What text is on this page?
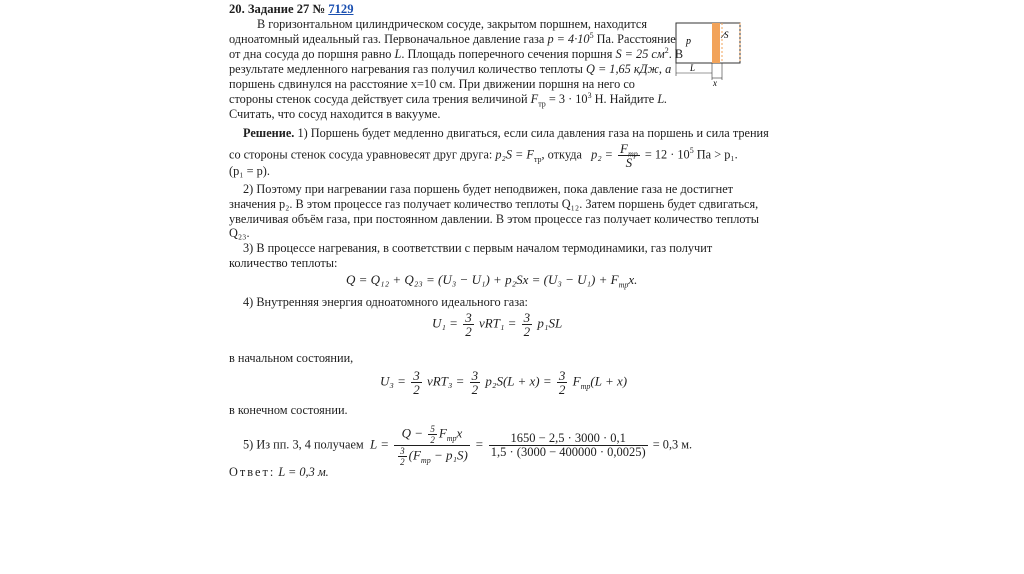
20. Задание 27 № 7129
В горизонтальном цилиндрическом сосуде, закрытом поршнем, находится
одноатомный идеальный газ. Первоначальное давление газа $p = 4\cdot 10^5$ Па. Расстояние
от дна сосуда до поршня равно L. Площадь поперечного сечения поршня S = 25 $см^2$. В
результате медленного нагревания газ получил количество теплоты Q = 1,65 кДж, а
поршень сдвинулся на расстояние x=10 см. При движении поршня на него со
стороны стенок сосуда действует сила трения величиной $F_{тр} = 3 \cdot 10^3$ Н. Найдите L.
Считать, что сосуд находится в вакууме.
p
S
L
x
Решение. 1) Поршень будет медленно двигаться, если сила давления газа на поршень и сила трения
со стороны стенок сосуда уравновесят друг друга: $p_2S = F_{тр}$, откуда $p_2 = \frac{F_{тр}}{S} = 12 \cdot 10^5$ Па > p₁.
(p₁ = p).
2) Поэтому при нагревании газа поршень будет неподвижен, пока давление газа не достигнет
значения p₂. В этом процессе газ получает количество теплоты Q₁₂. Затем поршень будет сдвигаться,
увеличивая объём газа, при постоянном давлении. В этом процессе газ получает количество теплоты
Q₂₃.
3) В процессе нагревания, в соответствии с первым началом термодинамики, газ получит
количество теплоты:
$Q = Q_{12} + Q_{23} = (U_3 - U_1) + p_2Sx = (U_3 - U_1) + F_{тр}x$.
4) Внутренняя энергия одноатомного идеального газа:
$U_1 = \frac{3}{2} \nu RT_1 = \frac{3}{2} p_1SL$
в начальном состоянии,
$U_3 = \frac{3}{2} \nu RT_3 = \frac{3}{2} p_2S(L + x) = \frac{3}{2} F_{тр}(L + x)$
в конечном состоянии.
5) Из пп. 3, 4 получаем $L = \frac{Q - \frac{5}{2} F_{тр}x}{\frac{3}{2} (F_{тр} - p_1S)} = \frac{1650 - 2,5 \cdot 3000 \cdot 0,1}{1,5 \cdot (3000 - 400000 \cdot 0,0025)} = 0,3$ м.
Ответ: L = 0,3 м.
